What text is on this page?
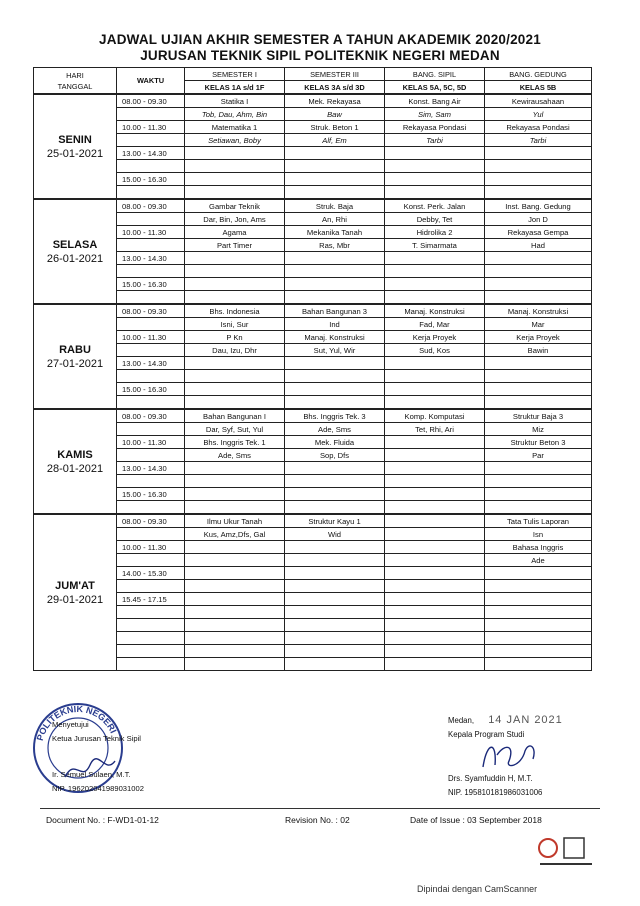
JADWAL UJIAN AKHIR SEMESTER A TAHUN AKADEMIK 2020/2021
JURUSAN TEKNIK SIPIL POLITEKNIK NEGERI MEDAN
HARI
TANGGAL	WAKTU	SEMESTER I	SEMESTER III	BANG. SIPIL	BANG. GEDUNG
		KELAS 1A s/d 1F	KELAS 3A s/d 3D	KELAS 5A, 5C, 5D	KELAS 5B

SENIN
25-01-2021	08.00 - 09.30	Statika I	Mek. Rekayasa	Konst. Bang Air	Kewirausahaan
		Tob, Dau, Ahm, Bin	Baw	Sim, Sam	Yul
	10.00 - 11.30	Matematika 1	Struk. Beton 1	Rekayasa Pondasi	Rekayasa Pondasi
		Setiawan, Boby	Alf, Em	Tarbi	Tarbi
	13.00 - 14.30				

	15.00 - 16.30				

SELASA
26-01-2021	08.00 - 09.30	Gambar Teknik	Struk. Baja	Konst. Perk. Jalan	Inst. Bang. Gedung
		Dar, Bin, Jon, Ams	An, Rhi	Debby, Tet	Jon D
	10.00 - 11.30	Agama	Mekanika Tanah	Hidrolika 2	Rekayasa Gempa
		Part Timer	Ras, Mbr	T. Simarmata	Had
	13.00 - 14.30				

	15.00 - 16.30				

RABU
27-01-2021	08.00 - 09.30	Bhs. Indonesia	Bahan Bangunan 3	Manaj. Konstruksi	Manaj. Konstruksi
		Isni, Sur	Ind	Fad, Mar	Mar
	10.00 - 11.30	P Kn	Manaj. Konstruksi	Kerja Proyek	Kerja Proyek
		Dau, Izu, Dhr	Sut, Yul, Wir	Sud, Kos	Bawin
	13.00 - 14.30				

	15.00 - 16.30				

KAMIS
28-01-2021	08.00 - 09.30	Bahan Bangunan I	Bhs. Inggris Tek. 3	Komp. Komputasi	Struktur Baja 3
		Dar, Syf, Sut, Yul	Ade, Sms	Tet, Rhi, Ari	Miz
	10.00 - 11.30	Bhs. Inggris Tek. 1	Mek. Fluida		Struktur Beton 3
		Ade, Sms	Sop, Dfs		Par
	13.00 - 14.30				

	15.00 - 16.30				

JUM'AT
29-01-2021	08.00 - 09.30	Ilmu Ukur Tanah	Struktur Kayu 1		Tata Tulis Laporan
		Kus, Amz,Dfs, Gal	Wid		Isn
	10.00 - 11.30				Bahasa Inggris
					Ade
	14.00 - 15.30				

	15.45 - 17.15				

POLITEKNIK NEGERI
Menyetujui
Ketua Jurusan Teknik Sipil
Ir. Semuel Sulaen, M.T.
NIP. 196202041989031002
Medan, 14 JAN 2021
Kepala Program Studi
Drs. Syamfuddin H, M.T.
NIP. 195810181986031006
Document No. : F-WD1-01-12	Revision No. : 02	Date of Issue : 03 September 2018
Dipindai dengan CamScanner
